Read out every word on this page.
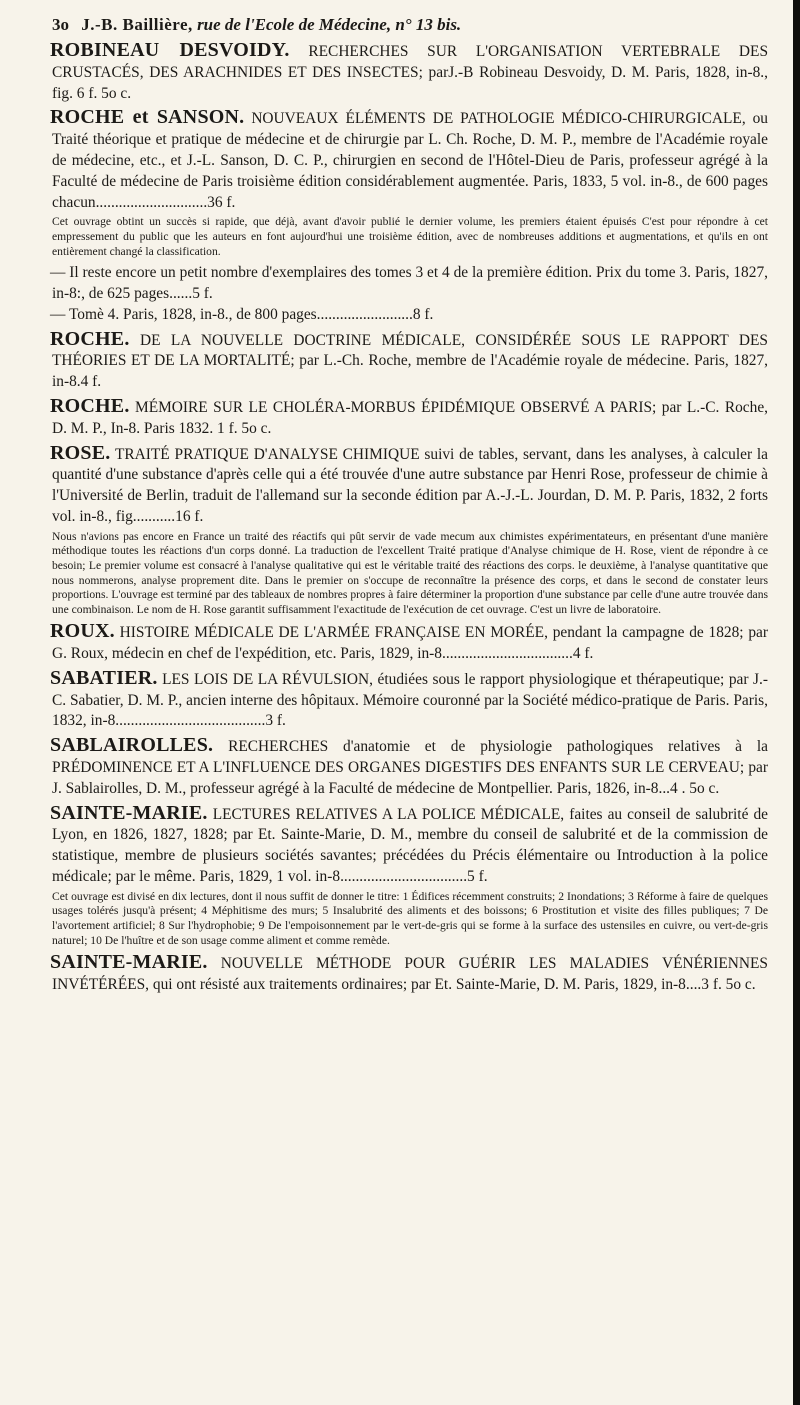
3o J.-B. Baillière, rue de l'Ecole de Médecine, n° 13 bis.

ROBINEAU DESVOIDY. RECHERCHES SUR L'ORGANISATION VERTEBRALE DES CRUSTACÉS, DES ARACHNIDES ET DES INSECTES; parJ.-B Robineau Desvoidy, D. M. Paris, 1828, in-8., fig. 6 f. 5o c.

ROCHE et SANSON. NOUVEAUX ÉLÉMENTS DE PATHOLOGIE MÉDICO-CHIRURGICALE, ou Traité théorique et pratique de médecine et de chirurgie par L. Ch. Roche, D. M. P., membre de l'Académie royale de médecine, etc., et J.-L. Sanson, D. C. P., chirurgien en second de l'Hôtel-Dieu de Paris, professeur agrégé à la Faculté de médecine de Paris troisième édition considérablement augmentée. Paris, 1833, 5 vol. in-8., de 600 pages chacun.............................36 f.

Cet ouvrage obtint un succès si rapide, que déjà, avant d'avoir publié le dernier volume, les premiers étaient épuisés C'est pour répondre à cet empressement du public que les auteurs en font aujourd'hui une troisième édition, avec de nombreuses additions et augmentations, et qu'ils en ont entièrement changé la classification.

— Il reste encore un petit nombre d'exemplaires des tomes 3 et 4 de la première édition. Prix du tome 3. Paris, 1827, in-8:, de 625 pages......5 f.

— Tomè 4. Paris, 1828, in-8., de 800 pages.........................8 f.

ROCHE. DE LA NOUVELLE DOCTRINE MÉDICALE, CONSIDÉRÉE SOUS LE RAPPORT DES THÉORIES ET DE LA MORTALITÉ; par L.-Ch. Roche, membre de l'Académie royale de médecine. Paris, 1827, in-8.4 f.

ROCHE. MÉMOIRE SUR LE CHOLÉRA-MORBUS ÉPIDÉMIQUE OBSERVÉ A PARIS; par L.-C. Roche, D. M. P., In-8. Paris 1832. 1 f. 5o c.

ROSE. TRAITÉ PRATIQUE D'ANALYSE CHIMIQUE suivi de tables, servant, dans les analyses, à calculer la quantité d'une substance d'après celle qui a été trouvée d'une autre substance par Henri Rose, professeur de chimie à l'Université de Berlin, traduit de l'allemand sur la seconde édition par A.-J.-L. Jourdan, D. M. P. Paris, 1832, 2 forts vol. in-8., fig...........16 f.

Nous n'avions pas encore en France un traité des réactifs qui pût servir de vade mecum aux chimistes expérimentateurs, en présentant d'une manière méthodique toutes les réactions d'un corps donné. La traduction de l'excellent Traité pratique d'Analyse chimique de H. Rose, vient de répondre à ce besoin; Le premier volume est consacré à l'analyse qualitative qui est le véritable traité des réactions des corps. le deuxième, à l'analyse quantitative que nous nommerons, analyse proprement dite. Dans le premier on s'occupe de reconnaître la présence des corps, et dans le second de constater leurs proportions. L'ouvrage est terminé par des tableaux de nombres propres à faire déterminer la proportion d'une substance par celle d'une autre trouvée dans une combinaison. Le nom de H. Rose garantit suffisamment l'exactitude de l'exécution de cet ouvrage. C'est un livre de laboratoire.

ROUX. HISTOIRE MÉDICALE DE L'ARMÉE FRANÇAISE EN MORÉE, pendant la campagne de 1828; par G. Roux, médecin en chef de l'expédition, etc. Paris, 1829, in-8..................................4 f.

SABATIER. LES LOIS DE LA RÉVULSION, étudiées sous le rapport physiologique et thérapeutique; par J.-C. Sabatier, D. M. P., ancien interne des hôpitaux. Mémoire couronné par la Société médico-pratique de Paris. Paris, 1832, in-8.......................................3 f.

SABLAIROLLES. RECHERCHES d'anatomie et de physiologie pathologiques relatives à la PRÉDOMINENCE ET A L'INFLUENCE DES ORGANES DIGESTIFS DES ENFANTS SUR LE CERVEAU; par J. Sablairolles, D. M., professeur agrégé à la Faculté de médecine de Montpellier. Paris, 1826, in-8...4 . 5o c.

SAINTE-MARIE. LECTURES RELATIVES A LA POLICE MÉDICALE, faites au conseil de salubrité de Lyon, en 1826, 1827, 1828; par Et. Sainte-Marie, D. M., membre du conseil de salubrité et de la commission de statistique, membre de plusieurs sociétés savantes; précédées du Précis élémentaire ou Introduction à la police médicale; par le même. Paris, 1829, 1 vol. in-8.................................5 f.

Cet ouvrage est divisé en dix lectures, dont il nous suffit de donner le titre: 1 Édifices récemment construits; 2 Inondations; 3 Réforme à faire de quelques usages tolérés jusqu'à présent; 4 Méphitisme des murs; 5 Insalubrité des aliments et des boissons; 6 Prostitution et visite des filles publiques; 7 De l'avortement artificiel; 8 Sur l'hydrophobie; 9 De l'empoisonnement par le vert-de-gris qui se forme à la surface des ustensiles en cuivre, ou vert-de-gris naturel; 10 De l'huître et de son usage comme aliment et comme remède.

SAINTE-MARIE. NOUVELLE MÉTHODE POUR GUÉRIR LES MALADIES VÉNÉRIENNES INVÉTÉRÉES, qui ont résisté aux traitements ordinaires; par Et. Sainte-Marie, D. M. Paris, 1829, in-8....3 f. 5o c.
